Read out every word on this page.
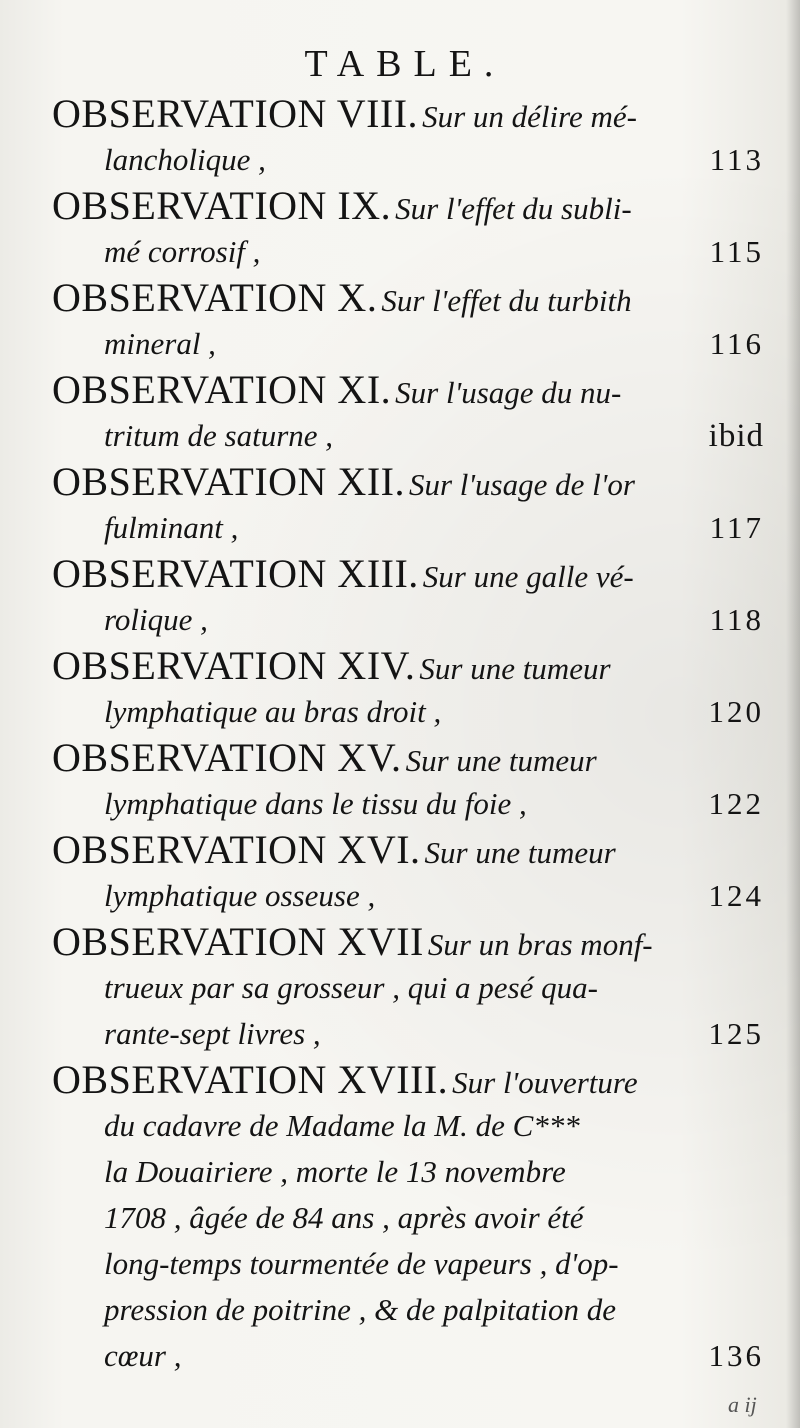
TABLE.
OBSERVATION VIII. Sur un délire mé-
lancholique ,	113
OBSERVATION IX. Sur l'effet du subli-
mé corrosif ,	115
OBSERVATION X. Sur l'effet du turbith
mineral ,	116
OBSERVATION XI. Sur l'usage du nu-
tritum de saturne ,	ibid
OBSERVATION XII. Sur l'usage de l'or
fulminant ,	117
OBSERVATION XIII. Sur une galle vé-
rolique ,	118
OBSERVATION XIV. Sur une tumeur
lymphatique au bras droit ,	120
OBSERVATION XV. Sur une tumeur
lymphatique dans le tissu du foie ,	122
OBSERVATION XVI. Sur une tumeur
lymphatique osseuse ,	124
OBSERVATION XVII Sur un bras monf-
trueux par sa grosseur , qui a pesé qua-
rante-sept livres ,	125
OBSERVATION XVIII. Sur l'ouverture
du cadavre de Madame la M. de C***
la Douairiere , morte le 13 novembre
1708 , âgée de 84 ans , après avoir été
long-temps tourmentée de vapeurs , d'op-
pression de poitrine , & de palpitation de
cœur ,	136
a ij
